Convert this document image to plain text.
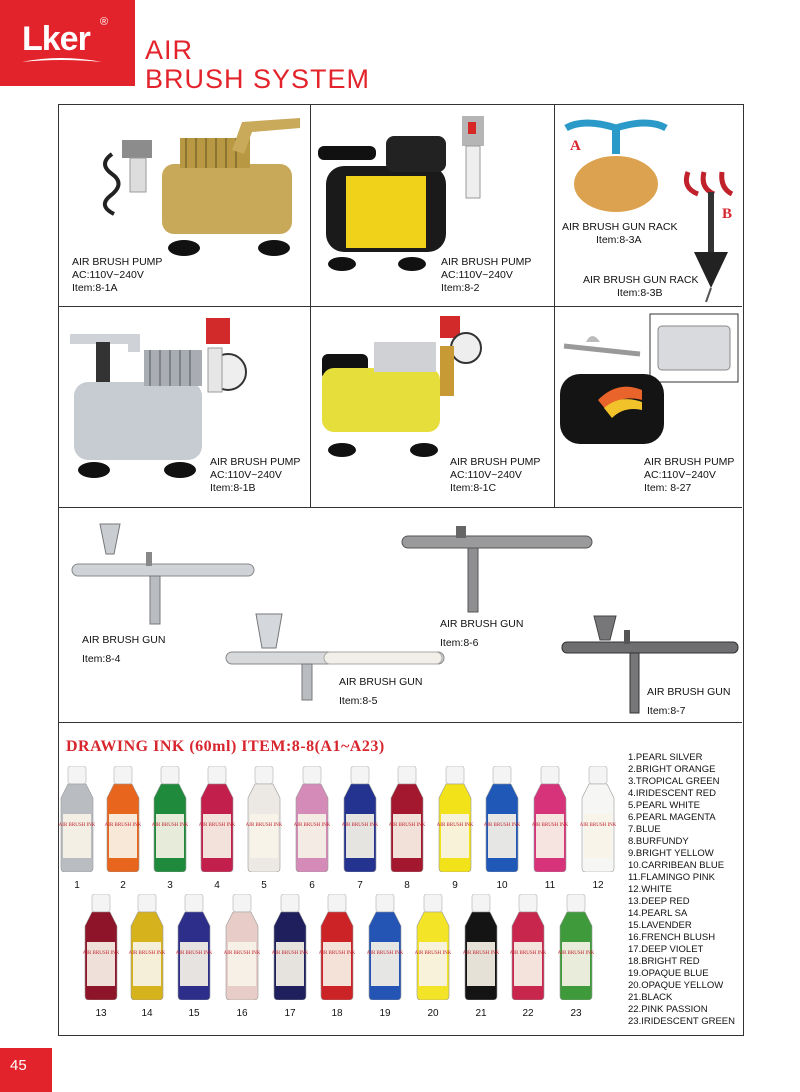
Lker ®
AIR
BRUSH SYSTEM
AIR BRUSH PUMP
AC:110V~240V
Item:8-1A
AIR BRUSH PUMP
AC:110V~240V
Item:8-2
A
B
AIR BRUSH GUN RACK
Item:8-3A
AIR BRUSH GUN RACK
Item:8-3B
AIR BRUSH PUMP
AC:110V~240V
Item:8-1B
AIR BRUSH PUMP
AC:110V~240V
Item:8-1C
AIR BRUSH PUMP
AC:110V~240V
Item: 8-27
AIR BRUSH GUN
Item:8-4
AIR BRUSH GUN
Item:8-5
AIR BRUSH GUN
Item:8-6
AIR BRUSH GUN
Item:8-7
DRAWING INK (60ml) ITEM:8-8(A1~A23)
1.PEARL SILVER
2.BRIGHT ORANGE
3.TROPICAL GREEN
4.IRIDESCENT RED
5.PEARL WHITE
6.PEARL MAGENTA
7.BLUE
8.BURFUNDY
9.BRIGHT YELLOW
10.CARRIBEAN BLUE
11.FLAMINGO PINK
12.WHITE
13.DEEP RED
14.PEARL SA
15.LAVENDER
16.FRENCH BLUSH
17.DEEP VIOLET
18.BRIGHT RED
19.OPAQUE BLUE
20.OPAQUE YELLOW
21.BLACK
22.PINK PASSION
23.IRIDESCENT GREEN
AIR BRUSH INK
1
AIR BRUSH INK
2
AIR BRUSH INK
3
AIR BRUSH INK
4
AIR BRUSH INK
5
AIR BRUSH INK
6
AIR BRUSH INK
7
AIR BRUSH INK
8
AIR BRUSH INK
9
AIR BRUSH INK
10
AIR BRUSH INK
11
AIR BRUSH INK
12
AIR BRUSH INK
13
AIR BRUSH INK
14
AIR BRUSH INK
15
AIR BRUSH INK
16
AIR BRUSH INK
17
AIR BRUSH INK
18
AIR BRUSH INK
19
AIR BRUSH INK
20
AIR BRUSH INK
21
AIR BRUSH INK
22
AIR BRUSH INK
23
45
